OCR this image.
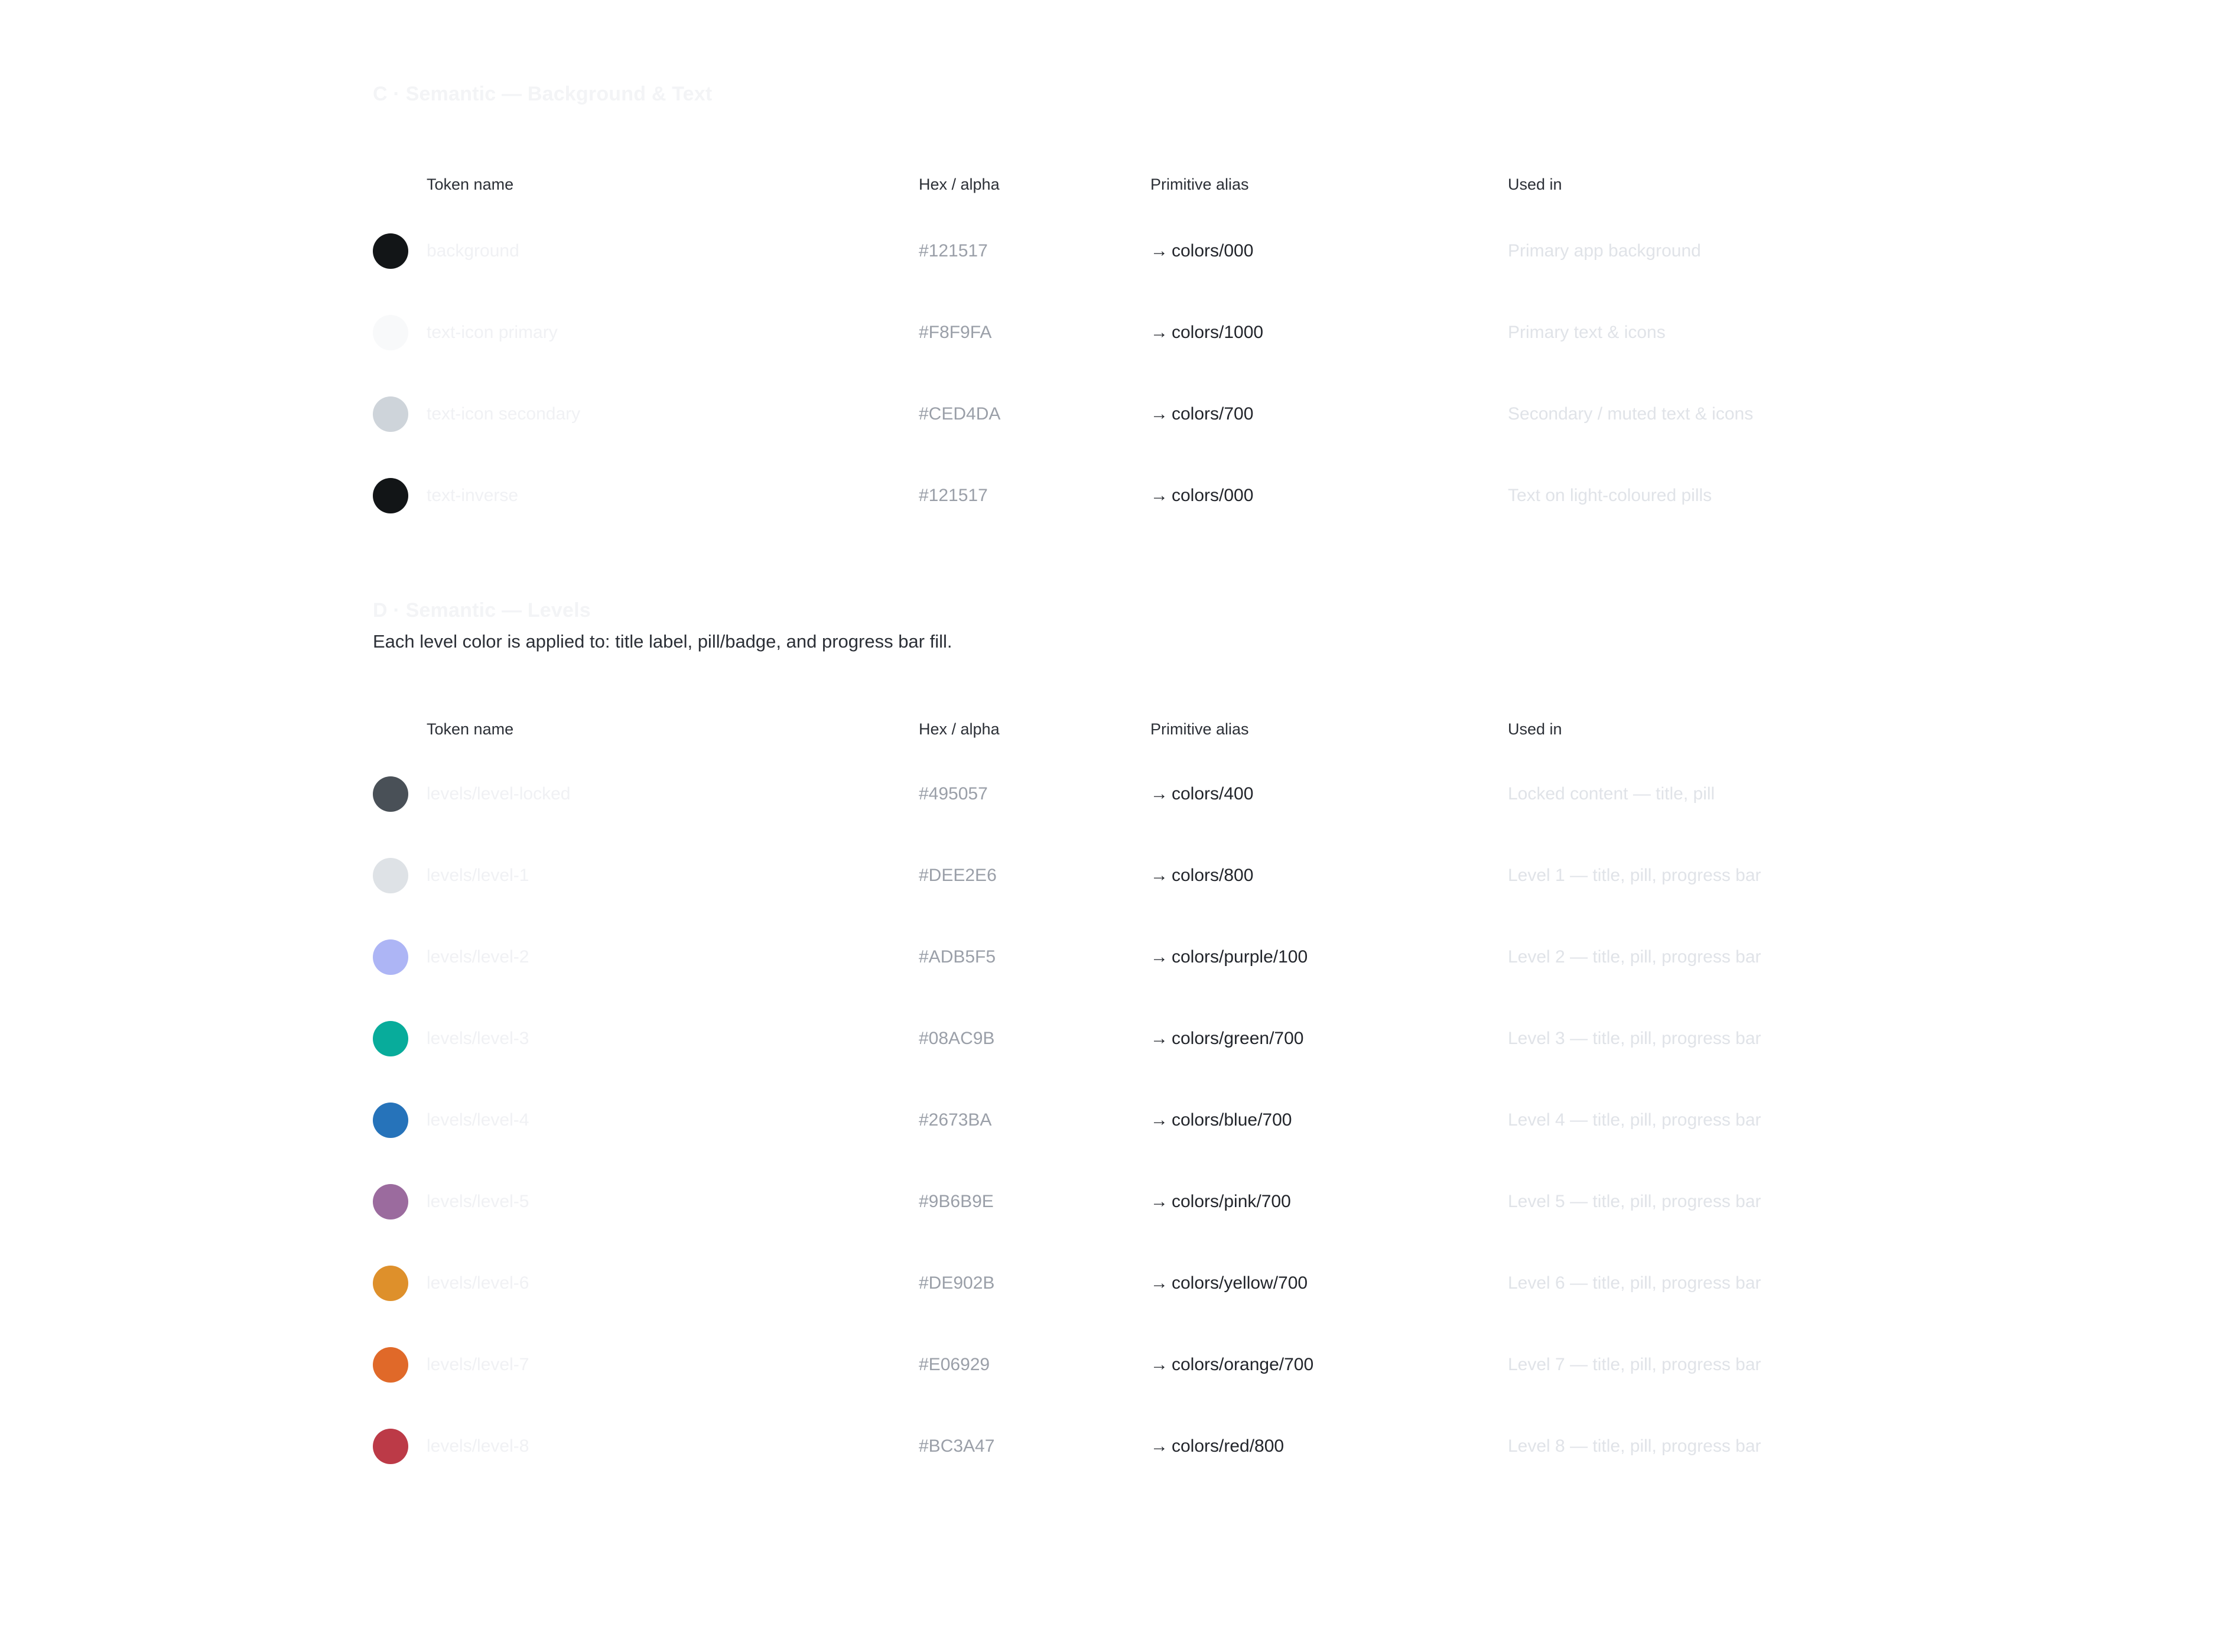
C · Semantic — Background & Text
Token name	Hex / alpha	Primitive alias	Used in
background	#121517	→ colors/000	Primary app background
text-icon primary	#F8F9FA	→ colors/1000	Primary text & icons
text-icon secondary	#CED4DA	→ colors/700	Secondary / muted text & icons
text-inverse	#121517	→ colors/000	Text on light-coloured pills
D · Semantic — Levels
Each level color is applied to: title label, pill/badge, and progress bar fill.
Token name	Hex / alpha	Primitive alias	Used in
levels/level-locked	#495057	→ colors/400	Locked content — title, pill
levels/level-1	#DEE2E6	→ colors/800	Level 1 — title, pill, progress bar
levels/level-2	#ADB5F5	→ colors/purple/100	Level 2 — title, pill, progress bar
levels/level-3	#08AC9B	→ colors/green/700	Level 3 — title, pill, progress bar
levels/level-4	#2673BA	→ colors/blue/700	Level 4 — title, pill, progress bar
levels/level-5	#9B6B9E	→ colors/pink/700	Level 5 — title, pill, progress bar
levels/level-6	#DE902B	→ colors/yellow/700	Level 6 — title, pill, progress bar
levels/level-7	#E06929	→ colors/orange/700	Level 7 — title, pill, progress bar
levels/level-8	#BC3A47	→ colors/red/800	Level 8 — title, pill, progress bar
